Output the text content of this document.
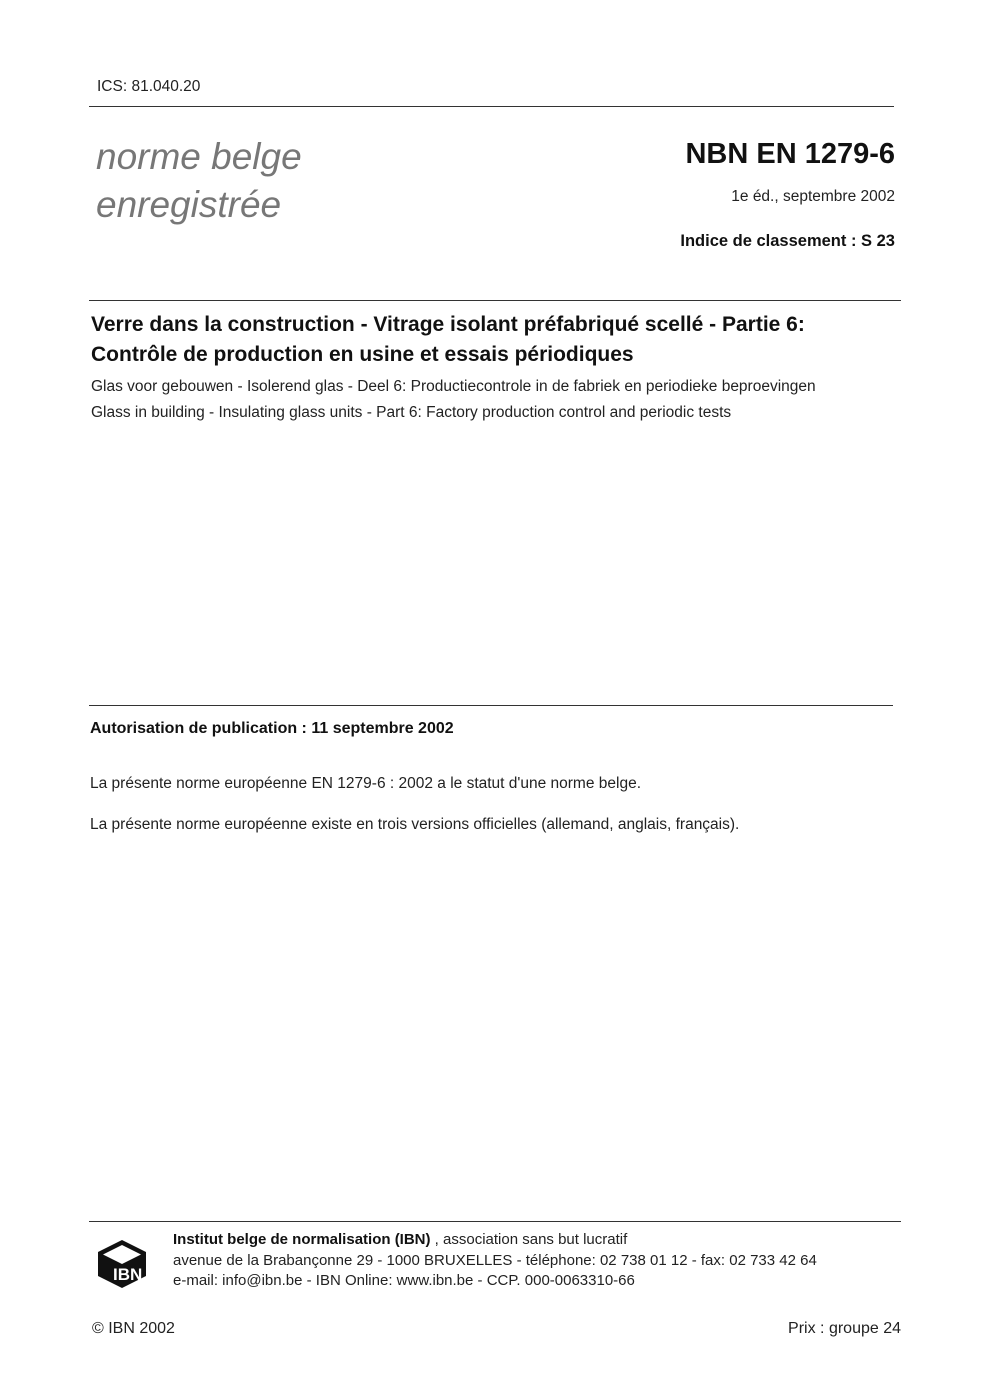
ICS: 81.040.20
norme belge
enregistrée
NBN EN 1279-6
1e éd., septembre 2002
Indice de classement : S 23
Verre dans la construction - Vitrage isolant préfabriqué scellé - Partie 6:
Contrôle de production en usine et essais périodiques
Glas voor gebouwen - Isolerend glas - Deel 6: Productiecontrole in de fabriek en periodieke beproevingen
Glass in building - Insulating glass units - Part 6: Factory production control and periodic tests
Autorisation de publication : 11 septembre 2002
La présente norme européenne EN 1279-6 : 2002 a le statut d'une norme belge.
La présente norme européenne existe en trois versions officielles (allemand, anglais, français).
IBN
Institut belge de normalisation (IBN) , association sans but lucratif
avenue de la Brabançonne 29 - 1000 BRUXELLES - téléphone: 02 738 01 12 - fax: 02 733 42 64
e-mail: info@ibn.be - IBN Online: www.ibn.be - CCP. 000-0063310-66
© IBN 2002	Prix : groupe 24
